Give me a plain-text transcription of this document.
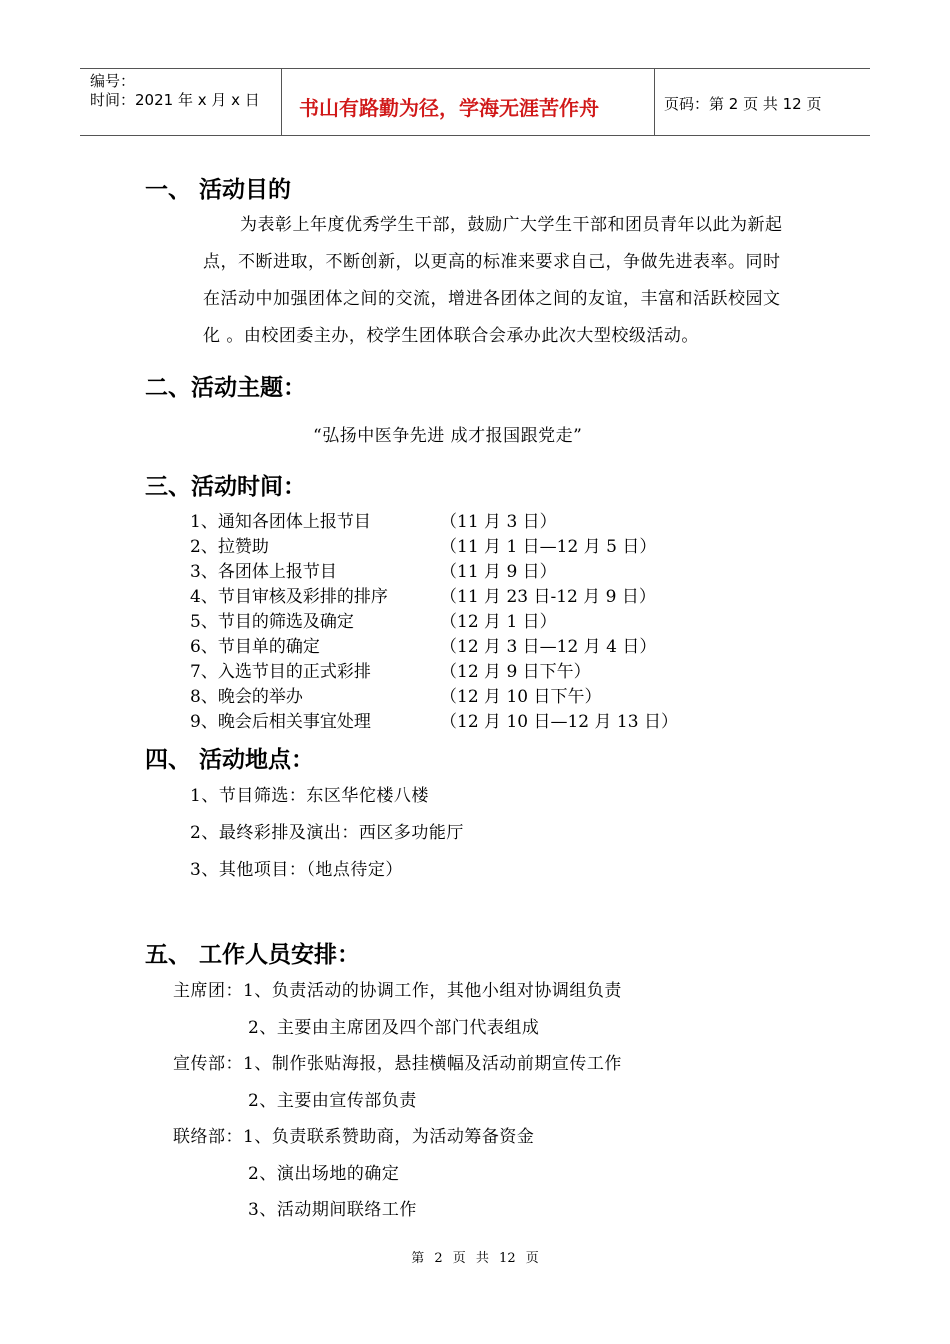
编号：
时间：2021 年 x 月 x 日 书山有路勤为径，学海无涯苦作舟	页码：第 2 页 共 12 页
一、 活动目的
为表彰上年度优秀学生干部，鼓励广大学生干部和团员青年以此为新起
点，不断进取，不断创新，以更高的标准来要求自己，争做先进表率。同时
在活动中加强团体之间的交流，增进各团体之间的友谊，丰富和活跃校园文
化 。由校团委主办，校学生团体联合会承办此次大型校级活动。
二、活动主题：
“弘扬中医争先进 成才报国跟党走”
三、活动时间：
1、通知各团体上报节目	（11 月 3 日）
2、拉赞助	（11 月 1 日—12 月 5 日）
3、各团体上报节目	（11 月 9 日）
4、节目审核及彩排的排序	（11 月 23 日-12 月 9 日）
5、节目的筛选及确定	（12 月 1 日）
6、节目单的确定	（12 月 3 日—12 月 4 日）
7、入选节目的正式彩排	（12 月 9 日下午）
8、晚会的举办	（12 月 10 日下午）
9、晚会后相关事宜处理	（12 月 10 日—12 月 13 日）
四、 活动地点：
1、节目筛选：东区华佗楼八楼
2、最终彩排及演出：西区多功能厅
3、其他项目：（地点待定）
五、 工作人员安排：
主席团：1、负责活动的协调工作，其他小组对协调组负责
2、主要由主席团及四个部门代表组成
宣传部：1、制作张贴海报，悬挂横幅及活动前期宣传工作
2、主要由宣传部负责
联络部：1、负责联系赞助商，为活动筹备资金
2、演出场地的确定
3、活动期间联络工作
第 2 页 共 12 页
